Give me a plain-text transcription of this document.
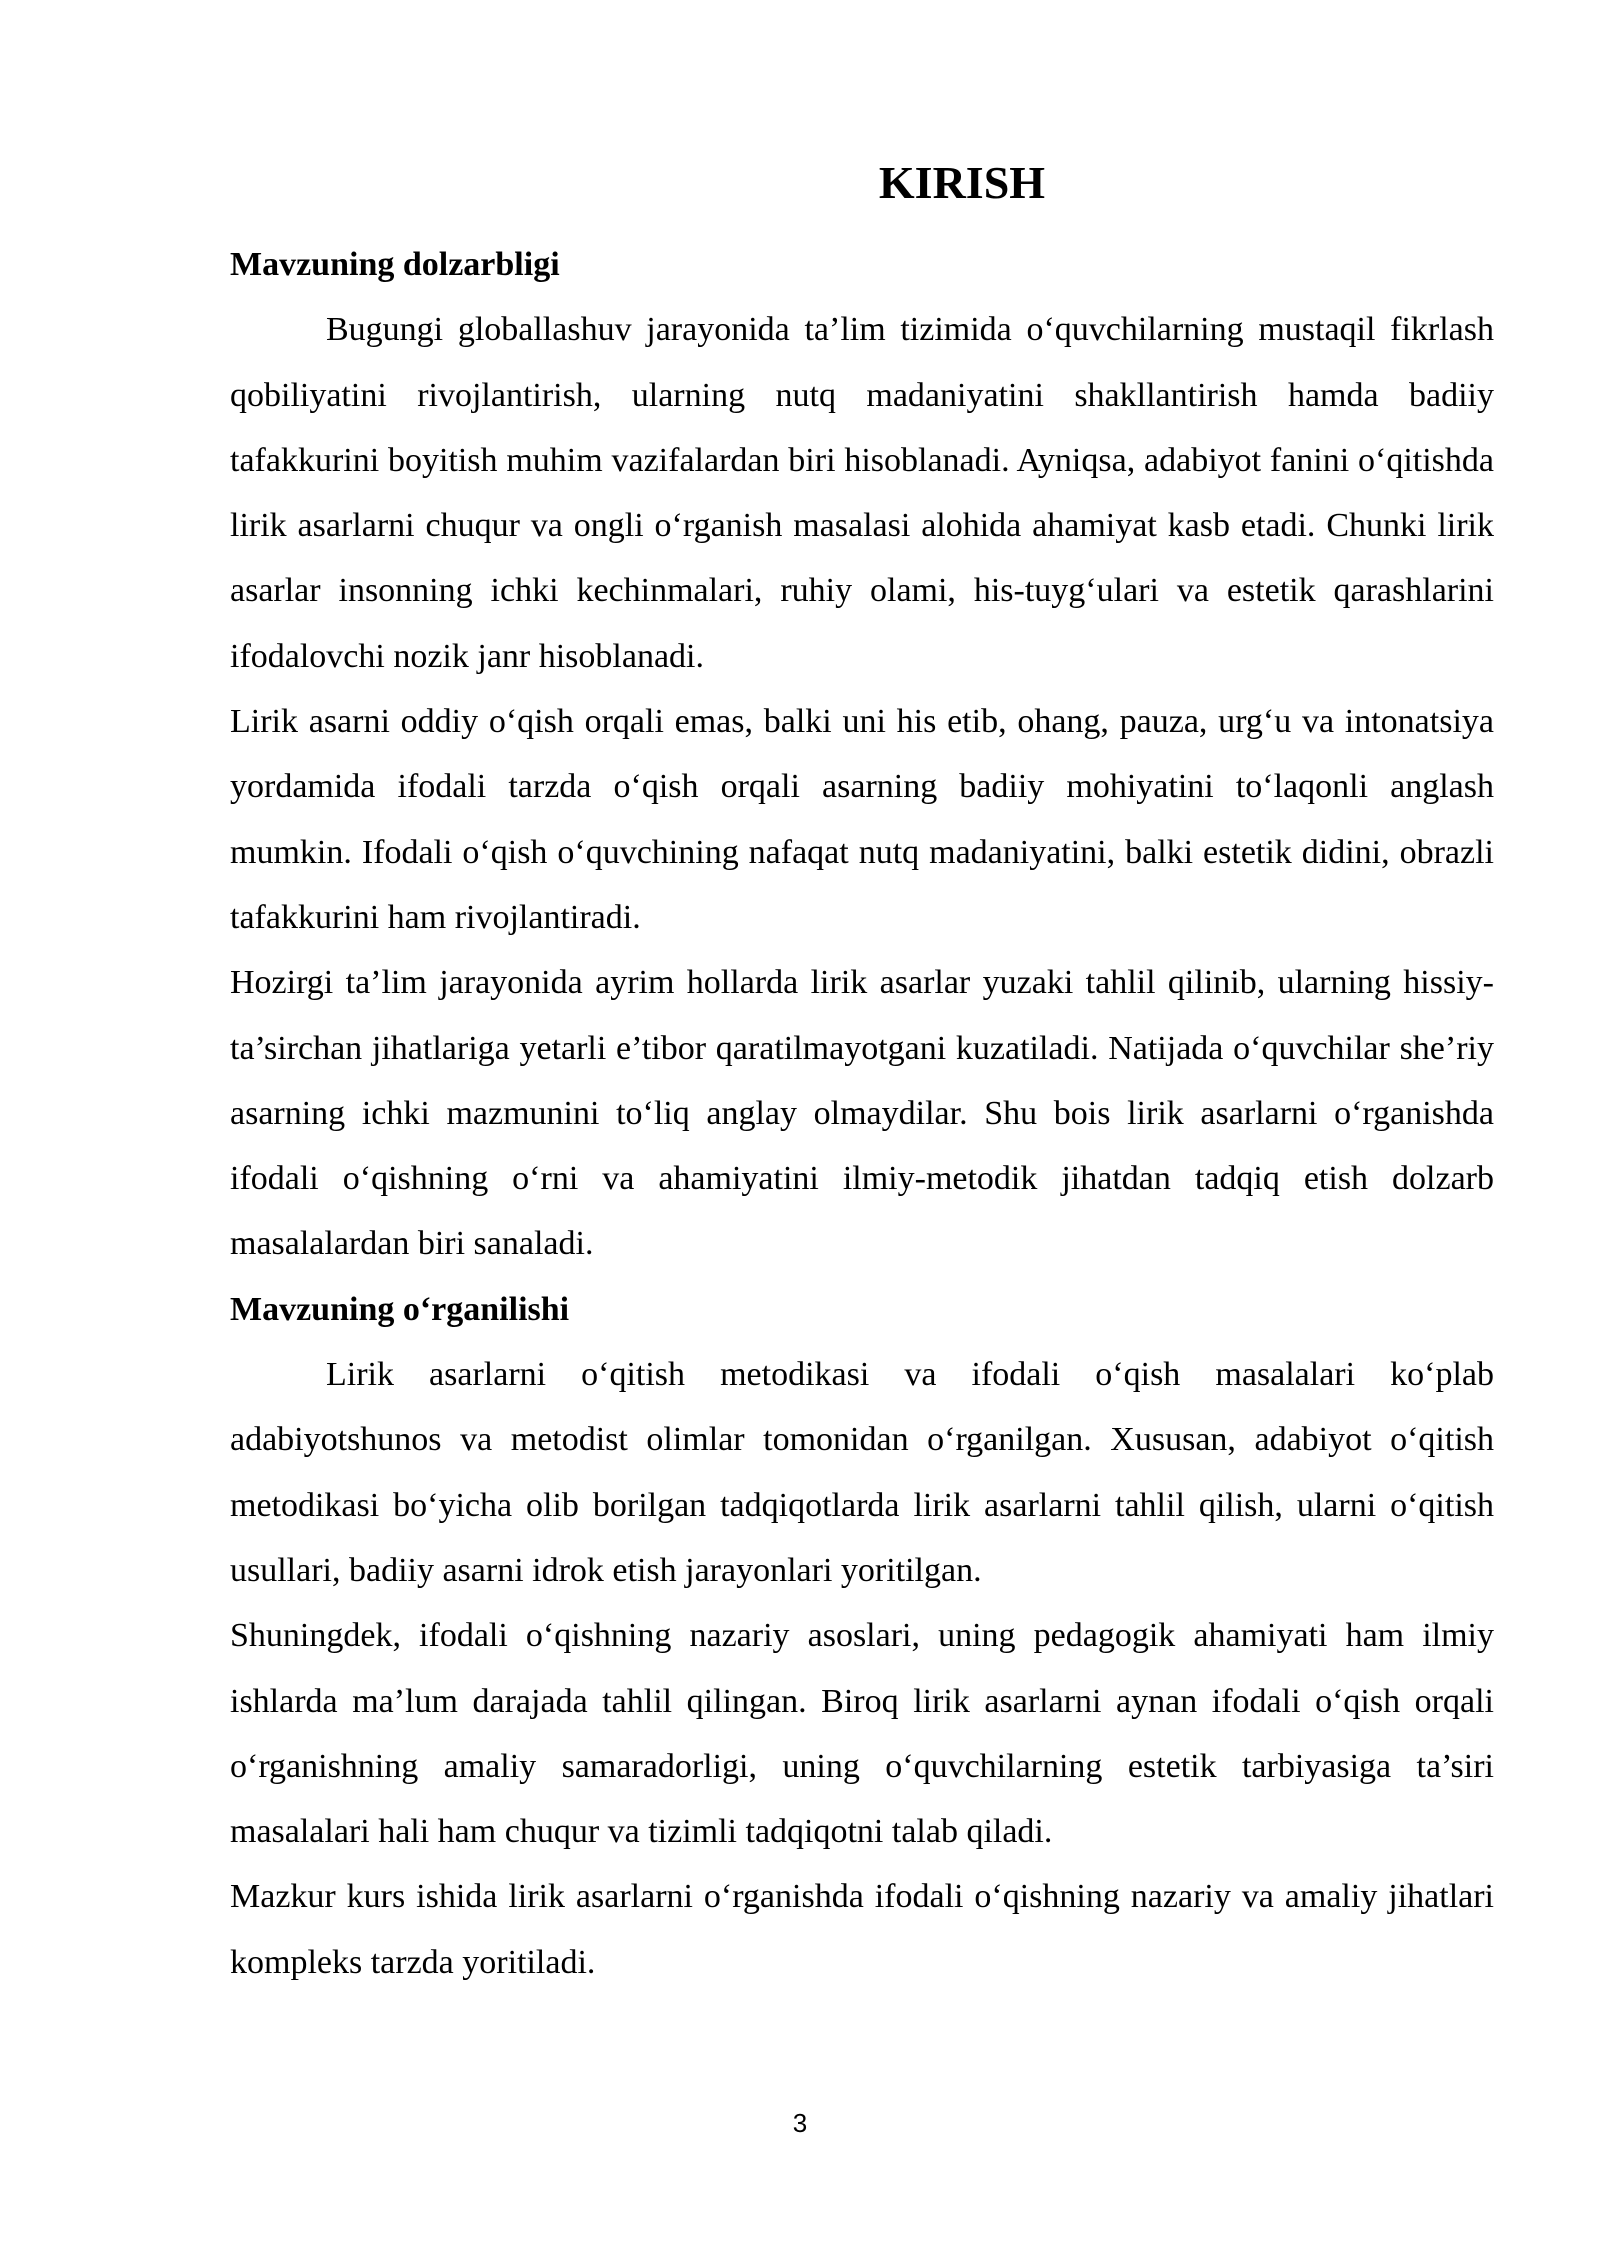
KIRISH
Mavzuning dolzarbligi

Bugungi globallashuv jarayonida ta’lim tizimida o‘quvchilarning mustaqil fikrlash qobiliyatini rivojlantirish, ularning nutq madaniyatini shakllantirish hamda badiiy tafakkurini boyitish muhim vazifalardan biri hisoblanadi. Ayniqsa, adabiyot fanini o‘qitishda lirik asarlarni chuqur va ongli o‘rganish masalasi alohida ahamiyat kasb etadi. Chunki lirik asarlar insonning ichki kechinmalari, ruhiy olami, his-tuyg‘ulari va estetik qarashlarini ifodalovchi nozik janr hisoblanadi.

Lirik asarni oddiy o‘qish orqali emas, balki uni his etib, ohang, pauza, urg‘u va intonatsiya yordamida ifodali tarzda o‘qish orqali asarning badiiy mohiyatini to‘laqonli anglash mumkin. Ifodali o‘qish o‘quvchining nafaqat nutq madaniyatini, balki estetik didini, obrazli tafakkurini ham rivojlantiradi.

Hozirgi ta’lim jarayonida ayrim hollarda lirik asarlar yuzaki tahlil qilinib, ularning hissiy-ta’sirchan jihatlariga yetarli e’tibor qaratilmayotgani kuzatiladi. Natijada o‘quvchilar she’riy asarning ichki mazmunini to‘liq anglay olmaydilar. Shu bois lirik asarlarni o‘rganishda ifodali o‘qishning o‘rni va ahamiyatini ilmiy-metodik jihatdan tadqiq etish dolzarb masalalardan biri sanaladi.

Mavzuning o‘rganilishi

Lirik asarlarni o‘qitish metodikasi va ifodali o‘qish masalalari ko‘plab adabiyotshunos va metodist olimlar tomonidan o‘rganilgan. Xususan, adabiyot o‘qitish metodikasi bo‘yicha olib borilgan tadqiqotlarda lirik asarlarni tahlil qilish, ularni o‘qitish usullari, badiiy asarni idrok etish jarayonlari yoritilgan.

Shuningdek, ifodali o‘qishning nazariy asoslari, uning pedagogik ahamiyati ham ilmiy ishlarda ma’lum darajada tahlil qilingan. Biroq lirik asarlarni aynan ifodali o‘qish orqali o‘rganishning amaliy samaradorligi, uning o‘quvchilarning estetik tarbiyasiga ta’siri masalalari hali ham chuqur va tizimli tadqiqotni talab qiladi.

Mazkur kurs ishida lirik asarlarni o‘rganishda ifodali o‘qishning nazariy va amaliy jihatlari kompleks tarzda yoritiladi.

3
